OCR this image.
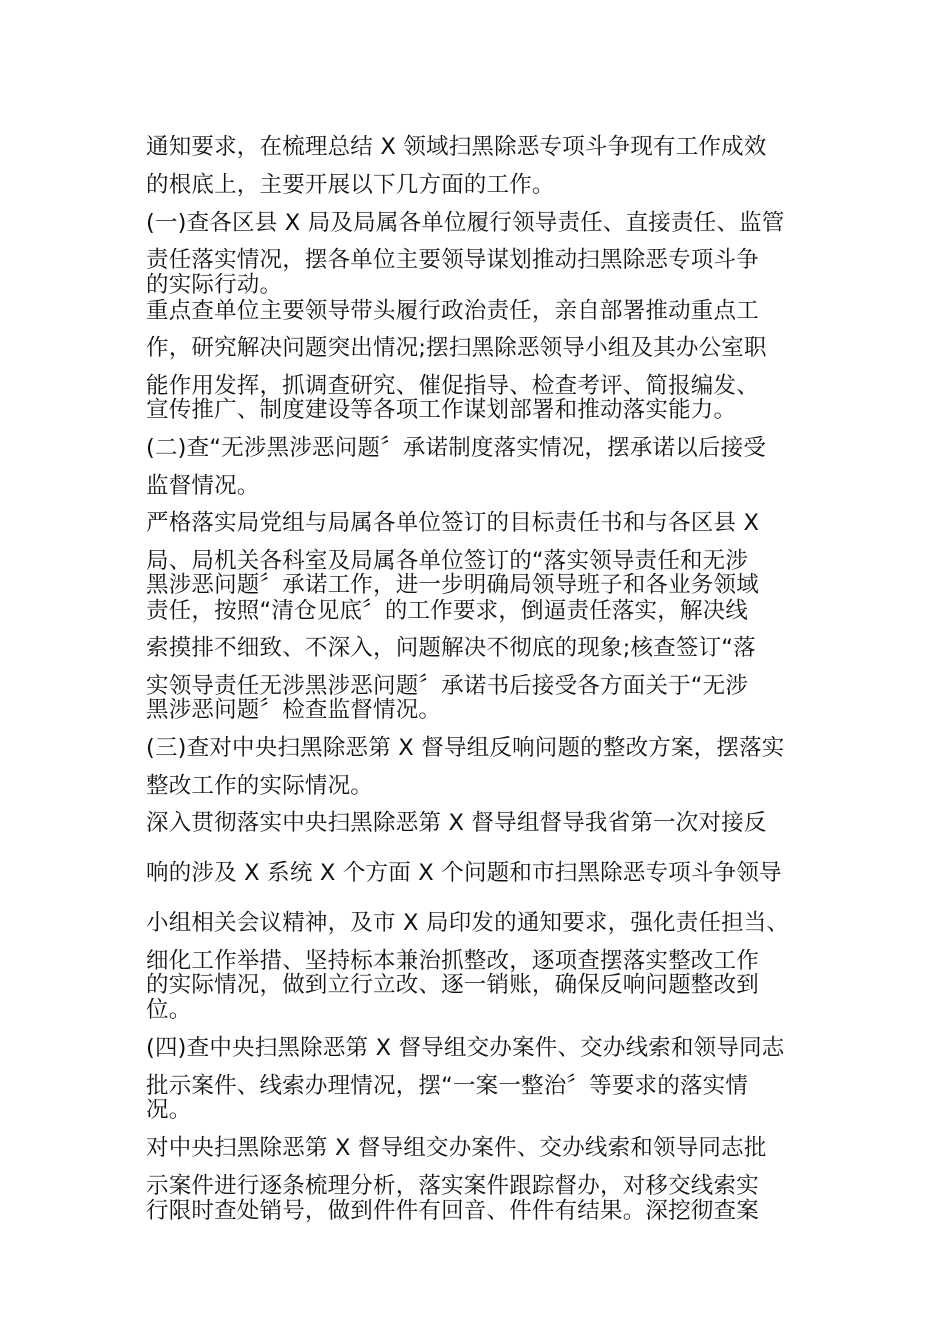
通知要求，在梳理总结 X 领域扫黑除恶专项斗争现有工作成效
的根底上，主要开展以下几方面的工作。
(一)查各区县 X 局及局属各单位履行领导责任、直接责任、监管
责任落实情况，摆各单位主要领导谋划推动扫黑除恶专项斗争
的实际行动。
重点查单位主要领导带头履行政治责任，亲自部署推动重点工
作，研究解决问题突出情况;摆扫黑除恶领导小组及其办公室职
能作用发挥，抓调查研究、催促指导、检查考评、简报编发、
宣传推广、制度建设等各项工作谋划部署和推动落实能力。
(二)查“无涉黑涉恶问题〞承诺制度落实情况，摆承诺以后接受
监督情况。
严格落实局党组与局属各单位签订的目标责任书和与各区县 X
局、局机关各科室及局属各单位签订的“落实领导责任和无涉
黑涉恶问题〞承诺工作，进一步明确局领导班子和各业务领域
责任，按照“清仓见底〞的工作要求，倒逼责任落实，解决线
索摸排不细致、不深入，问题解决不彻底的现象;核查签订“落
实领导责任无涉黑涉恶问题〞承诺书后接受各方面关于“无涉
黑涉恶问题〞检查监督情况。
(三)查对中央扫黑除恶第 X 督导组反响问题的整改方案，摆落实
整改工作的实际情况。
深入贯彻落实中央扫黑除恶第 X 督导组督导我省第一次对接反
响的涉及 X 系统 X 个方面 X 个问题和市扫黑除恶专项斗争领导
小组相关会议精神，及市 X 局印发的通知要求，强化责任担当、
细化工作举措、坚持标本兼治抓整改，逐项查摆落实整改工作
的实际情况，做到立行立改、逐一销账，确保反响问题整改到
位。
(四)查中央扫黑除恶第 X 督导组交办案件、交办线索和领导同志
批示案件、线索办理情况，摆“一案一整治〞等要求的落实情
况。
对中央扫黑除恶第 X 督导组交办案件、交办线索和领导同志批
示案件进行逐条梳理分析，落实案件跟踪督办，对移交线索实
行限时查处销号，做到件件有回音、件件有结果。深挖彻查案
